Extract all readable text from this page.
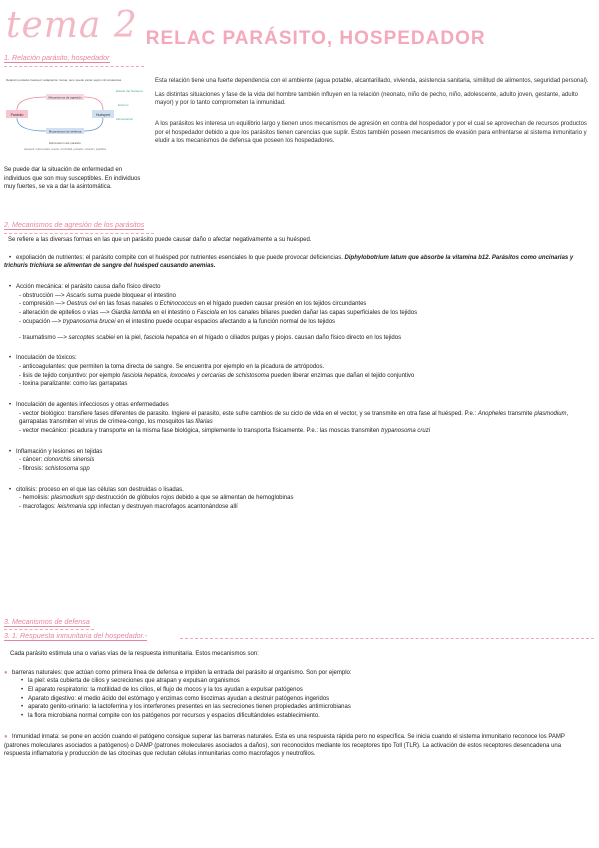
tema 2 RELAC PARÁSITO, HOSPEDADOR
1. Relación parásito, hospedador
Relación parásito-huésped: adaptación mutua, pero puede variar según circunstancias
Parásito
Mecanismos de agresión
Mecanismos de defensa
Huésped
Estado del huésped
Entorno
Alimentación
Eliminación del parásito
Huésped: enfermedad, muerte, cronicidad, portador, curación, equilibrio
Se puede dar la situación de enfermedad en individuos que son muy susceptibles. En individuos muy fuertes, se va a dar la asintomática.

Esta relación tiene una fuerte dependencia con el ambiente (agua potable, alcantarillado, vivienda, asistencia sanitaria, similitud de alimentos, seguridad personal).

Las distintas situaciones y fase de la vida del hombre también influyen en la relación (neonato, niño de pecho, niño, adolescente, adulto joven, gestante, adulto mayor) y por lo tanto comprometen la inmunidad.

A los parásitos les interesa un equilibrio largo y tienen unos mecanismos de agresión en contra del hospedador y por el cual se aprovechan de recursos productos por el hospedador debido a que los parásitos tienen carencias que suplir. Estos también poseen mecanismos de evasión para enfrentarse al sistema inmunitario y eludir a los mecanismos de defensa que poseen los hospedadores.

2. Mecanismos de agresión de los parásitos
Se refiere a las diversas formas en las que un parásito puede causar daño o afectar negativamente a su huésped.
• expoliación de nutrientes: el parásito compite con el huésped por nutrientes esenciales lo que puede provocar deficiencias. Diphylobotrium latum que absorbe la vitamina b12. Parásitos como uncinarias y trichuris trichiura se alimentan de sangre del huésped causando anemias.
• Acción mecánica: el parásito causa daño físico directo
- obstrucción —> Ascaris suma puede bloquear el intestino
- compresión —> Oestrus ovi en las fosas nasales o Echinococcus en el hígado pueden causar presión en los tejidos circundantes
- alteración de epitelios o vías —> Giardia lamblia en el intestino o Fasciola en los canales biliares pueden dañar las capas superficiales de los tejidos
- ocupación —> trypanosoma brucei en el intestino puede ocupar espacios afectando a la función normal de los tejidos
- traumatismo —> sarcoptes scabiei en la piel, fasciola hepatica en el hígado o ciliados pulgas y piojos. causan daño físico directo en los tejidos
• Inoculación de tóxicos:
- anticoagulantes: que permiten la toma directa de sangre. Se encuentra por ejemplo en la picadura de artrópodos.
- lisis de tejido conjuntivo: por ejemplo fasciola hepatica, loxoceles y cercarias de schistosoma pueden liberar enzimas que dañan el tejido conjuntivo
- toxina paralizante: como las garrapatas
• Inoculación de agentes infecciosos y otras enfermedades
- vector biológico: transfiere fases diferentes de parasito. Ingiere el parasito, este sufre cambios de su ciclo de vida en el vector, y se transmite en otra fase al huésped. P.e.: Anopheles transmite plasmodium, garrapatas transmiten el virus de crimea-congo, los mosquitos las filarias
- vector mecánico: picadura y transporte en la misma fase biológica, simplemente lo transporta físicamente. P.e.: las moscas transmiten trypanosoma cruzi
• Inflamación y lesiones en tejidas
- cáncer: clonorchis sinensis
- fibrosis: schistosoma spp
• citolisis: proceso en el que las células son destruidas o lisadas.
- hemolisis: plasmodium spp destrucción de glóbulos rojos debido a que se alimentan de hemoglobinas
- macrofagos: leishmania spp infectan y destruyen macrofagos acantonándose allí
3. Mecanismos de defensa
3. 1. Respuesta inmunitaria del hospedador.-
Cada parásito estimula una o varias vías de la respuesta inmunitaria. Estos mecanismos son:
● barreras naturales: que actúan como primera línea de defensa e impiden la entrada del parásito al organismo. Son por ejemplo:
• la piel: esta cubierta de cilios y secreciones que atrapan y expulsan organismos
• El aparato respiratorio: la motilidad de los cilios, el flujo de mocos y la tos ayudan a expulsar patógenos
• Aparato digestivo: el medio ácido del estómago y enzimas como lisozimas ayudan a destruir patógenos ingeridos
• aparato genito-urinario: la lactoferrina y los interferones presentes en las secreciones tienen propiedades antimicrobianas
• la flora microbiana normal compite con los patógenos por recursos y espacios dificultándoles establecimiento.
● Inmunidad innata: se pone en acción cuando el patógeno consigue superar las barreras naturales. Esta es una respuesta rápida pero no específica. Se inicia cuando el sistema inmunitario reconoce los PAMP (patrones moleculares asociados a patógenos) o DAMP (patrones moleculares asociados a daños), son reconocidos mediante los receptores tipo Toll (TLR). La activación de estos receptores desencadena una respuesta inflamatoria y producción de las citocinas que reclutan células inmunitarias como macrofagos y neutrofilos.
